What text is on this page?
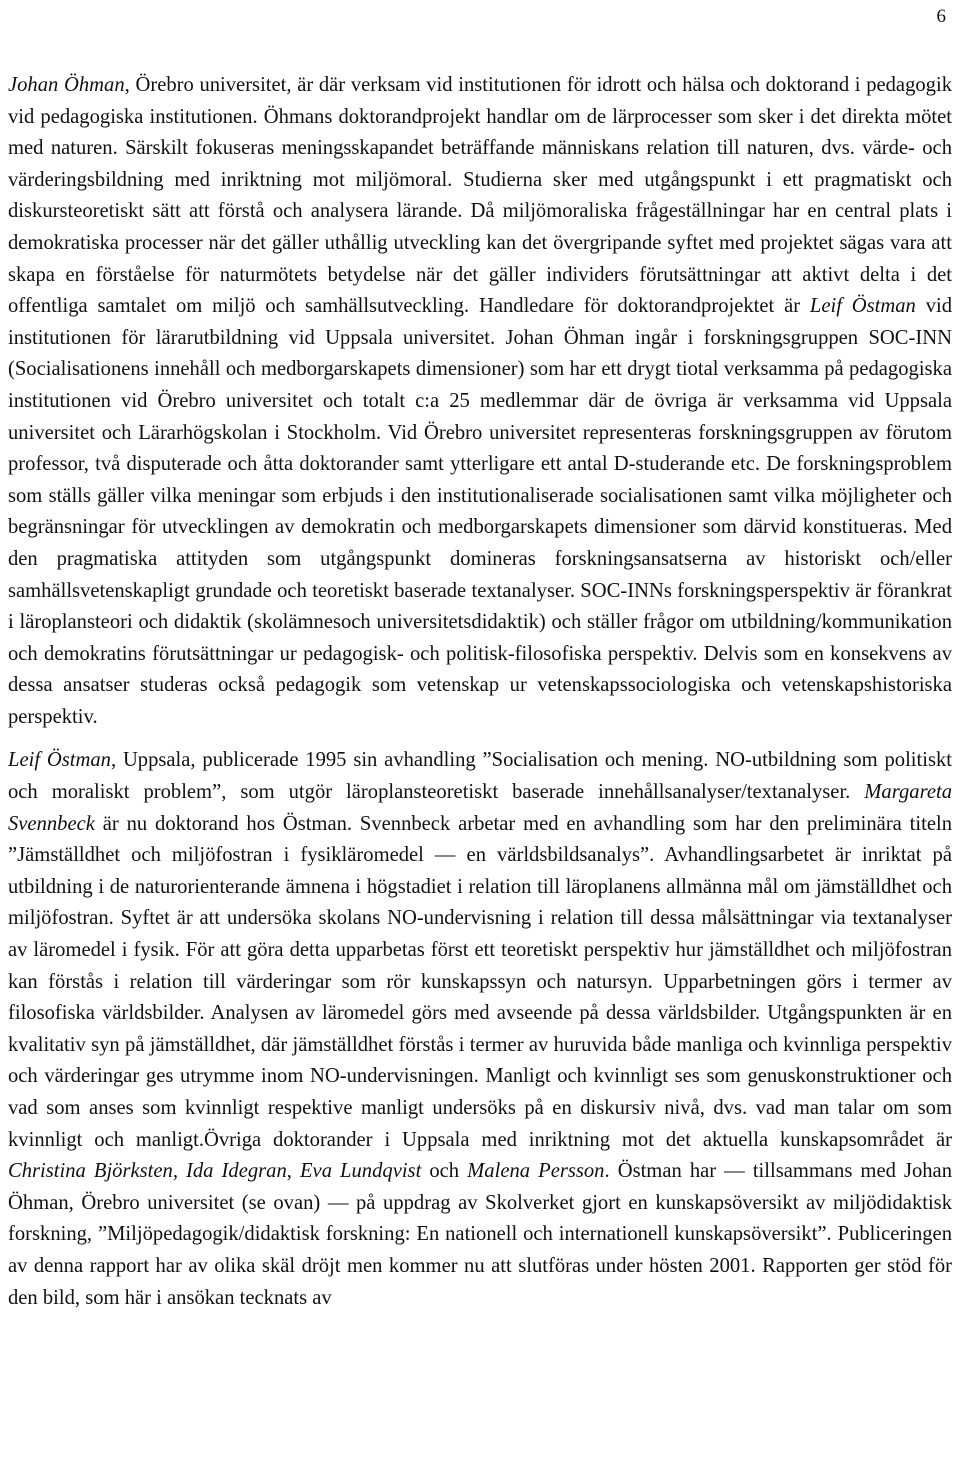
6

Johan Öhman, Örebro universitet, är där verksam vid institutionen för idrott och hälsa och doktorand i pedagogik vid pedagogiska institutionen. Öhmans doktorandprojekt handlar om de lärprocesser som sker i det direkta mötet med naturen. Särskilt fokuseras meningsskapandet beträffande människans relation till naturen, dvs. värde- och värderingsbildning med inriktning mot miljömoral. Studierna sker med utgångspunkt i ett pragmatiskt och diskursteoretiskt sätt att förstå och analysera lärande. Då miljömoraliska frågeställningar har en central plats i demokratiska processer när det gäller uthållig utveckling kan det övergripande syftet med projektet sägas vara att skapa en förståelse för naturmötets betydelse när det gäller individers förutsättningar att aktivt delta i det offentliga samtalet om miljö och samhällsutveckling. Handledare för doktorandprojektet är Leif Östman vid institutionen för lärarutbildning vid Uppsala universitet. Johan Öhman ingår i forskningsgruppen SOC-INN (Socialisationens innehåll och medborgarskapets dimensioner) som har ett drygt tiotal verksamma på pedagogiska institutionen vid Örebro universitet och totalt c:a 25 medlemmar där de övriga är verksamma vid Uppsala universitet och Lärarhögskolan i Stockholm. Vid Örebro universitet representeras forskningsgruppen av förutom professor, två disputerade och åtta doktorander samt ytterligare ett antal D-studerande etc. De forskningsproblem som ställs gäller vilka meningar som erbjuds i den institutionaliserade socialisationen samt vilka möjligheter och begränsningar för utvecklingen av demokratin och medborgarskapets dimensioner som därvid konstitueras. Med den pragmatiska attityden som utgångspunkt domineras forskningsansatserna av historiskt och/eller samhällsvetenskapligt grundade och teoretiskt baserade textanalyser. SOC-INNs forskningsperspektiv är förankrat i läroplansteori och didaktik (skolämnesoch universitetsdidaktik) och ställer frågor om utbildning/kommunikation och demokratins förutsättningar ur pedagogisk- och politisk-filosofiska perspektiv. Delvis som en konsekvens av dessa ansatser studeras också pedagogik som vetenskap ur vetenskapssociologiska och vetenskapshistoriska perspektiv.

Leif Östman, Uppsala, publicerade 1995 sin avhandling ”Socialisation och mening. NO-utbildning som politiskt och moraliskt problem”, som utgör läroplansteoretiskt baserade innehållsanalyser/textanalyser. Margareta Svennbeck är nu doktorand hos Östman. Svennbeck arbetar med en avhandling som har den preliminära titeln ”Jämställdhet och miljöfostran i fysikläromedel — en världsbildsanalys”. Avhandlingsarbetet är inriktat på utbildning i de naturorienterande ämnena i högstadiet i relation till läroplanens allmänna mål om jämställdhet och miljöfostran. Syftet är att undersöka skolans NO-undervisning i relation till dessa målsättningar via textanalyser av läromedel i fysik. För att göra detta upparbetas först ett teoretiskt perspektiv hur jämställdhet och miljöfostran kan förstås i relation till värderingar som rör kunskapssyn och natursyn. Upparbetningen görs i termer av filosofiska världsbilder. Analysen av läromedel görs med avseende på dessa världsbilder. Utgångspunkten är en kvalitativ syn på jämställdhet, där jämställdhet förstås i termer av huruvida både manliga och kvinnliga perspektiv och värderingar ges utrymme inom NO-undervisningen. Manligt och kvinnligt ses som genuskonstruktioner och vad som anses som kvinnligt respektive manligt undersöks på en diskursiv nivå, dvs. vad man talar om som kvinnligt och manligt.Övriga doktorander i Uppsala med inriktning mot det aktuella kunskapsområdet är Christina Björksten, Ida Idegran, Eva Lundqvist och Malena Persson. Östman har — tillsammans med Johan Öhman, Örebro universitet (se ovan) — på uppdrag av Skolverket gjort en kunskapsöversikt av miljödidaktisk forskning, ”Miljöpedagogik/didaktisk forskning: En nationell och internationell kunskapsöversikt”. Publiceringen av denna rapport har av olika skäl dröjt men kommer nu att slutföras under hösten 2001. Rapporten ger stöd för den bild, som här i ansökan tecknats av
